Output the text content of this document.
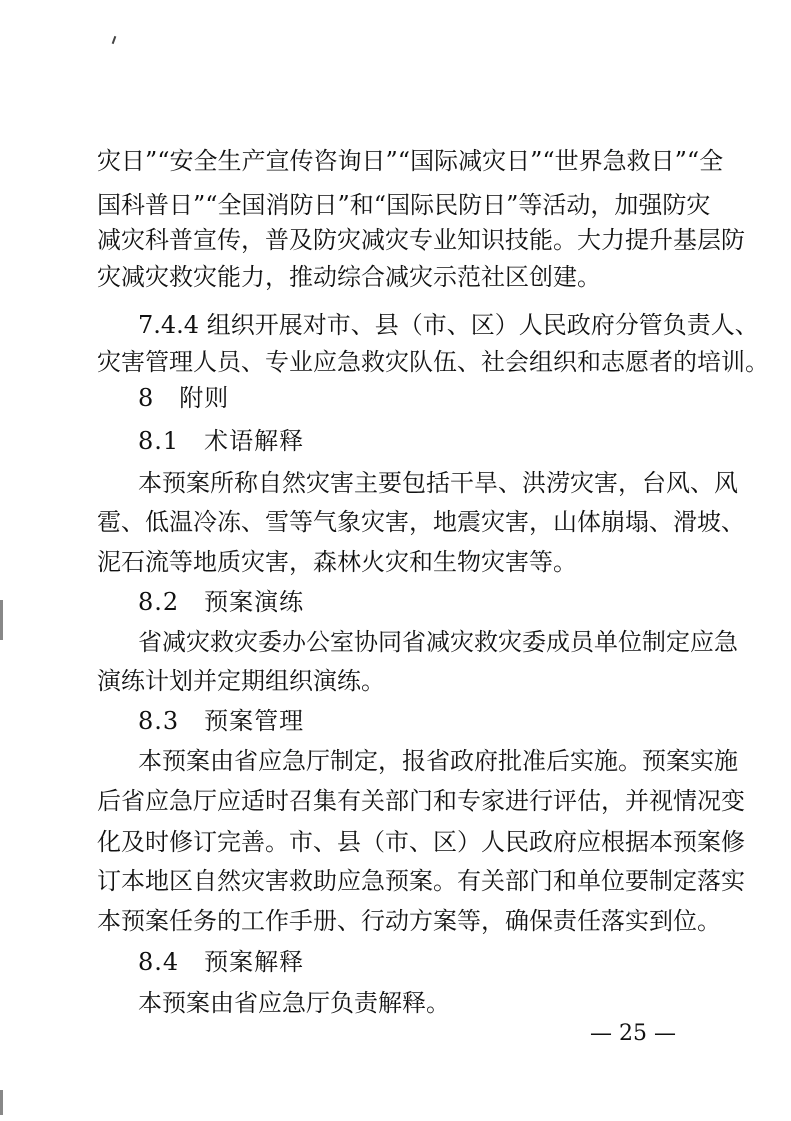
灾日”“安全生产宣传咨询日”“国际减灾日”“世界急救日”“全
国科普日”“全国消防日”和“国际民防日”等活动，加强防灾
减灾科普宣传，普及防灾减灾专业知识技能。大力提升基层防
灾减灾救灾能力，推动综合减灾示范社区创建。
7.4.4 组织开展对市、县（市、区）人民政府分管负责人、
灾害管理人员、专业应急救灾队伍、社会组织和志愿者的培训。
8　附则
8.1　术语解释
本预案所称自然灾害主要包括干旱、洪涝灾害，台风、风
雹、低温冷冻、雪等气象灾害，地震灾害，山体崩塌、滑坡、
泥石流等地质灾害，森林火灾和生物灾害等。
8.2　预案演练
省减灾救灾委办公室协同省减灾救灾委成员单位制定应急
演练计划并定期组织演练。
8.3　预案管理
本预案由省应急厅制定，报省政府批准后实施。预案实施
后省应急厅应适时召集有关部门和专家进行评估，并视情况变
化及时修订完善。市、县（市、区）人民政府应根据本预案修
订本地区自然灾害救助应急预案。有关部门和单位要制定落实
本预案任务的工作手册、行动方案等，确保责任落实到位。
8.4　预案解释
本预案由省应急厅负责解释。
— 25 —
